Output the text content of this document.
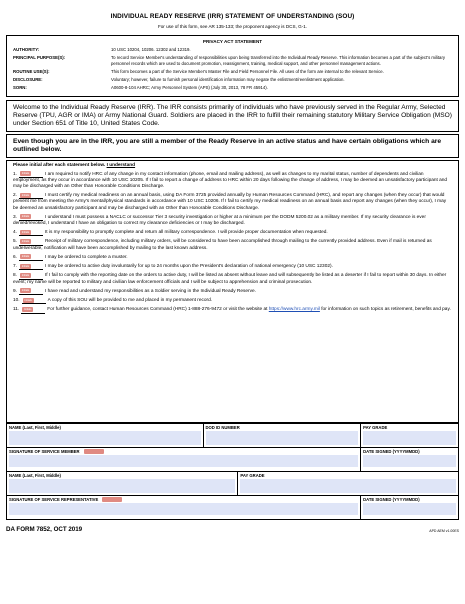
INDIVIDUAL READY RESERVE (IRR) STATEMENT OF UNDERSTANDING (SOU)
For use of this form, see AR 135-133; the proponent agency is DCS, G-1.
PRIVACY ACT STATEMENT
AUTHORITY:	10 USC 10204, 10206. 12302 and 12319.
PRINCIPAL PURPOSE(S):	To record Service Member's understanding of responsibilities upon being transferred into the Individual Ready Reserve. This information becomes a part of the subject's military personnel records which are used to document promotion, reassignment, training, medical support, and other personnel management actions.
ROUTINE USE(S):	This form becomes a part of the Service Member's Master File and Field Personnel File. All uses of the form are internal to the relevant Service.
DISCLOSURE:	Voluntary; however, failure to furnish personal identification information may negate the enlistment/reenlistment application.
SORN:	A0600-8-104 AHRC; Army Personnel System (APS) (July 30, 2013, 78 FR 45914).
Welcome to the Individual Ready Reserve (IRR). The IRR consists primarily of individuals who have previously served in the Regular Army, Selected Reserve (TPU, AGR or IMA) or Army National Guard. Soldiers are placed in the IRR to fulfill their remaining statutory Military Service Obligation (MSO) under Section 651 of Title 10, United States Code.
Even though you are in the IRR, you are still a member of the Ready Reserve in an active status and have certain obligations which are outlined below.
Please initial after each statement below. I understand
1.	Initials	I am required to notify HRC of any change in my contact information (phone, email and mailing address), as well as changes to my marital status, number of dependents and civilian employment, as they occur in accordance with 10 USC 10205. If I fail to report a change of address to HRC within 20 days following the change of address, I may be deemed an unsatisfactory participant and may be discharged with an Other than Honorable Conditions Discharge.
2.	Initials	I must certify my medical readiness on an annual basis, using DA Form 3725 provided annually by Human Resources Command (HRC), and report any changes (when they occur) that would prevent me from meeting the Army's mental/physical standards in accordance with 10 USC 10206. If I fail to certify my medical readiness on an annual basis and report any changes (when they occur), I may be deemed an unsatisfactory participant and may be discharged with an Other than Honorable Conditions Discharge.
3.	Initials	I understand I must possess a NACLC or successor Tier 3 security investigation or higher at a minimum per the DODM 5200.02 as a military member. If my security clearance is ever denied/revoked, I understand I have an obligation to correct my clearance deficiencies or I may be discharged.
4.	Initials	It is my responsibility to promptly complete and return all military correspondence. I will provide proper documentation when requested.
5.	Initials	Receipt of military correspondence, including military orders, will be considered to have been accomplished through mailing to the currently provided address. Even if mail is returned as undeliverable, notification will have been accomplished by mailing to the last known address.
6.	Initials	I may be ordered to complete a muster.
7.	Initials	I may be ordered to active duty involuntarily for up to 24 months upon the President's declaration of national emergency (10 USC 12302).
8.	Initials	If I fail to comply with the reporting date on the orders to active duty, I will be listed as absent without leave and will subsequently be listed as a deserter if I fail to report within 30 days. In either event; my name will be reported to military and civilian law enforcement officials and I will be subject to apprehension and criminal prosecution.
9.	Initials	I have read and understand my responsibilities as a Soldier serving in the Individual Ready Reserve.
10.	Initials	A copy of this SOU will be provided to me and placed in my permanent record.
11.	Initials	For further guidance, contact Human Resources Command (HRC) 1-888-276-9472 or visit the website at https://www.hrc.army.mil for information on such topics as retirement, benefits and pay.
NAME (Last, First, Middle)	DOD ID NUMBER		PAY GRADE

SIGNATURE OF SERVICE MEMBER			DATE SIGNED (YYYYMMDD)

NAME (Last, First, Middle)		PAY GRADE	

SIGNATURE OF SERVICE REPRESENTATIVE			DATE SIGNED (YYYYMMDD)
DA FORM 7852, OCT 2019	APD AEM v1.00ES
